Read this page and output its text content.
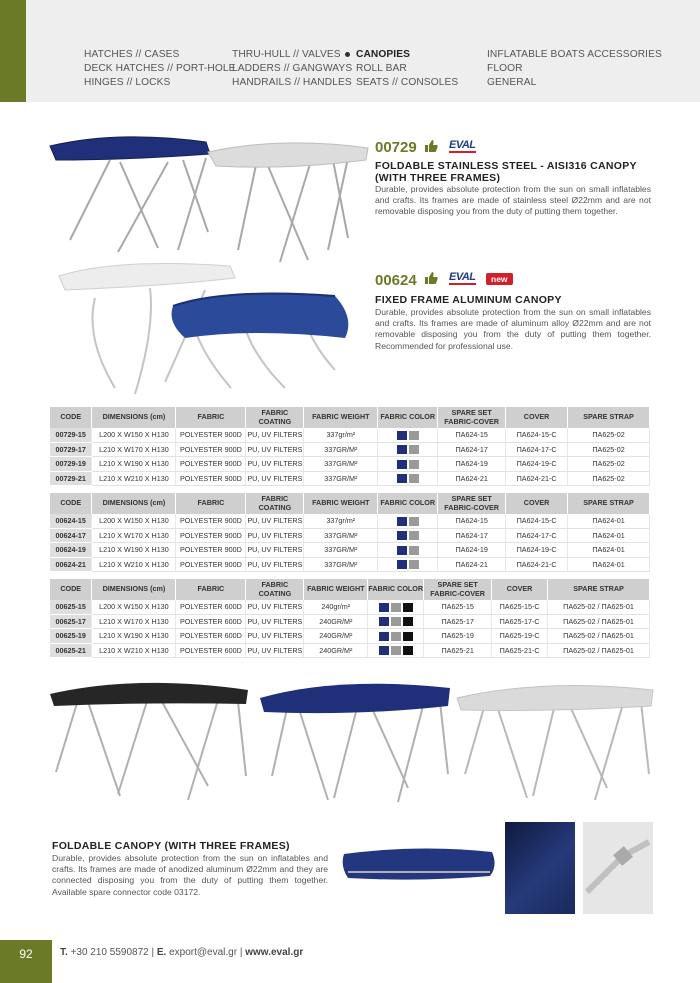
HATCHES // CASES
DECK HATCHES // PORT-HOLE
HINGES // LOCKS
THRU-HULL // VALVES
LADDERS // GANGWAYS
HANDRAILS // HANDLES
CANOPIES
ROLL BAR
SEATS // CONSOLES
INFLATABLE BOATS ACCESSORIES
FLOOR
GENERAL
00729	EVAL
FOLDABLE STAINLESS STEEL - AISI316 CANOPY
(WITH THREE FRAMES)
Durable, provides absolute protection from the sun on small inflatables and crafts. Its frames are made of stainless steel Ø22mm and are not removable disposing you from the duty of putting them together.
00624	EVAL	new
FIXED FRAME ALUMINUM CANOPY
Durable, provides absolute protection from the sun on small inflatables and crafts. Its frames are made of aluminum alloy Ø22mm and are not removable disposing you from the duty of putting them together. Recommended for professional use.
CODE	DIMENSIONS (cm)	FABRIC	FABRIC COATING	FABRIC WEIGHT	FABRIC COLOR	SPARE SET FABRIC-COVER	COVER	SPARE STRAP
00729-15	L200 X W150 X H130	POLYESTER 900D	PU, UV FILTERS	337gr/m²		ΠA624-15	ΠA624-15-C	ΠA625-02
00729-17	L210 X W170 X H130	POLYESTER 900D	PU, UV FILTERS	337GR/M²		ΠA624-17	ΠA624-17-C	ΠA625-02
00729-19	L210 X W190 X H130	POLYESTER 900D	PU, UV FILTERS	337GR/M²		ΠA624-19	ΠA624-19-C	ΠA625-02
00729-21	L210 X W210 X H130	POLYESTER 900D	PU, UV FILTERS	337GR/M²		ΠA624-21	ΠA624-21-C	ΠA625-02
CODE	DIMENSIONS (cm)	FABRIC	FABRIC COATING	FABRIC WEIGHT	FABRIC COLOR	SPARE SET FABRIC-COVER	COVER	SPARE STRAP
00624-15	L200 X W150 X H130	POLYESTER 900D	PU, UV FILTERS	337gr/m²		ΠA624-15	ΠA624-15-C	ΠA624-01
00624-17	L210 X W170 X H130	POLYESTER 900D	PU, UV FILTERS	337GR/M²		ΠA624-17	ΠA624-17-C	ΠA624-01
00624-19	L210 X W190 X H130	POLYESTER 900D	PU, UV FILTERS	337GR/M²		ΠA624-19	ΠA624-19-C	ΠA624-01
00624-21	L210 X W210 X H130	POLYESTER 900D	PU, UV FILTERS	337GR/M²		ΠA624-21	ΠA624-21-C	ΠA624-01
CODE	DIMENSIONS (cm)	FABRIC	FABRIC COATING	FABRIC WEIGHT	FABRIC COLOR	SPARE SET FABRIC-COVER	COVER	SPARE STRAP
00625-15	L200 X W150 X H130	POLYESTER 600D	PU, UV FILTERS	240gr/m²		ΠA625-15	ΠA625-15-C	ΠA625-02 / ΠA625-01
00625-17	L210 X W170 X H130	POLYESTER 600D	PU, UV FILTERS	240GR/M²		ΠA625-17	ΠA625-17-C	ΠA625-02 / ΠA625-01
00625-19	L210 X W190 X H130	POLYESTER 600D	PU, UV FILTERS	240GR/M²		ΠA625-19	ΠA625-19-C	ΠA625-02 / ΠA625-01
00625-21	L210 X W210 X H130	POLYESTER 600D	PU, UV FILTERS	240GR/M²		ΠA625-21	ΠA625-21-C	ΠA625-02 / ΠA625-01
FOLDABLE CANOPY (WITH THREE FRAMES)
Durable, provides absolute protection from the sun on inflatables and crafts. Its frames are made of anodized aluminum Ø22mm and they are connected disposing you from the duty of putting them together. Available spare connector code 03172.
92	T. +30 210 5590872 | E. export@eval.gr | www.eval.gr
